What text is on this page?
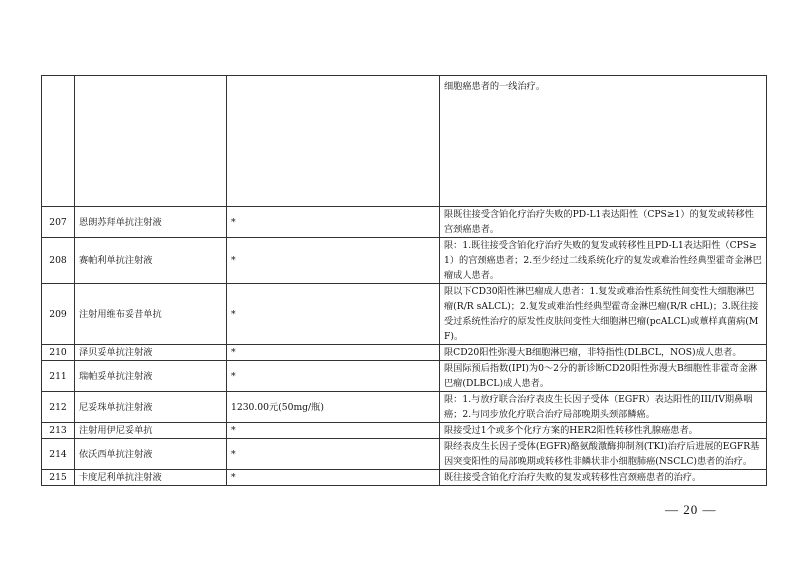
			细胞癌患者的一线治疗。
207	恩朗苏拜单抗注射液	*	限既往接受含铂化疗治疗失败的PD-L1表达阳性（CPS≥1）的复发或转移性宫颈癌患者。
208	赛帕利单抗注射液	*	限：1.既往接受含铂化疗治疗失败的复发或转移性且PD-L1表达阳性（CPS≥1）的宫颈癌患者；2.至少经过二线系统化疗的复发或难治性经典型霍奇金淋巴瘤成人患者。
209	注射用维布妥昔单抗	*	限以下CD30阳性淋巴瘤成人患者：1.复发或难治性系统性间变性大细胞淋巴瘤(R/R sALCL)；2.复发或难治性经典型霍奇金淋巴瘤(R/R cHL)；3.既往接受过系统性治疗的原发性皮肤间变性大细胞淋巴瘤(pcALCL)或蕈样真菌病(MF)。
210	泽贝妥单抗注射液	*	限CD20阳性弥漫大B细胞淋巴瘤，非特指性(DLBCL，NOS)成人患者。
211	瑞帕妥单抗注射液	*	限国际预后指数(IPI)为0～2分的新诊断CD20阳性弥漫大B细胞性非霍奇金淋巴瘤(DLBCL)成人患者。
212	尼妥珠单抗注射液	1230.00元(50mg/瓶)	限：1.与放疗联合治疗表皮生长因子受体（EGFR）表达阳性的III/IV期鼻咽癌；2.与同步放化疗联合治疗局部晚期头颈部鳞癌。
213	注射用伊尼妥单抗	*	限接受过1个或多个化疗方案的HER2阳性转移性乳腺癌患者。
214	依沃西单抗注射液	*	限经表皮生长因子受体(EGFR)酪氨酸激酶抑制剂(TKI)治疗后进展的EGFR基因突变阳性的局部晚期或转移性非鳞状非小细胞肺癌(NSCLC)患者的治疗。
215	卡度尼利单抗注射液	*	既往接受含铂化疗治疗失败的复发或转移性宫颈癌患者的治疗。
— 20 —
